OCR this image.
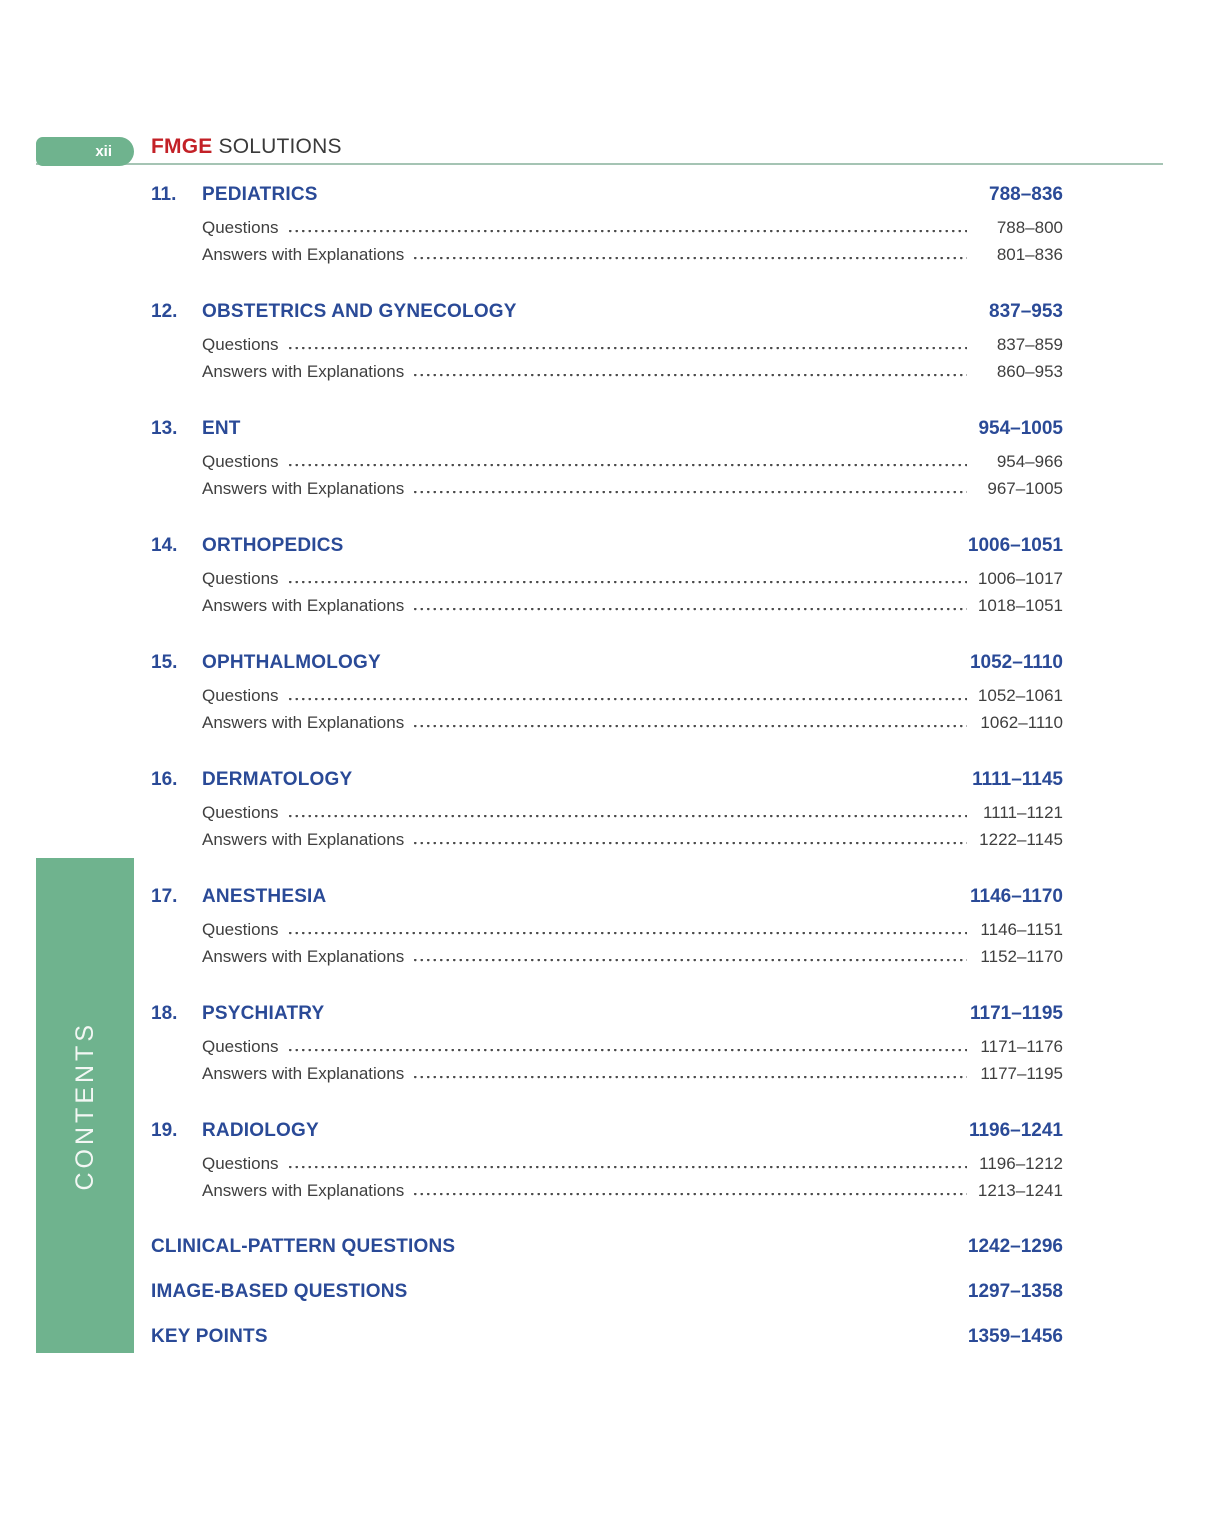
xii FMGE SOLUTIONS
11.	PEDIATRICS	788–836
Questions	788–800
Answers with Explanations	801–836
12.	OBSTETRICS AND GYNECOLOGY	837–953
Questions	837–859
Answers with Explanations	860–953
13.	ENT	954–1005
Questions	954–966
Answers with Explanations	967–1005
14.	ORTHOPEDICS	1006–1051
Questions	1006–1017
Answers with Explanations	1018–1051
15.	OPHTHALMOLOGY	1052–1110
Questions	1052–1061
Answers with Explanations	1062–1110
16.	DERMATOLOGY	1111–1145
Questions	1111–1121
Answers with Explanations	1222–1145
17.	ANESTHESIA	1146–1170
Questions	1146–1151
Answers with Explanations	1152–1170
18.	PSYCHIATRY	1171–1195
Questions	1171–1176
Answers with Explanations	1177–1195
19.	RADIOLOGY	1196–1241
Questions	1196–1212
Answers with Explanations	1213–1241
CLINICAL-PATTERN QUESTIONS	1242–1296
IMAGE-BASED QUESTIONS	1297–1358
KEY POINTS	1359–1456
CONTENTS
